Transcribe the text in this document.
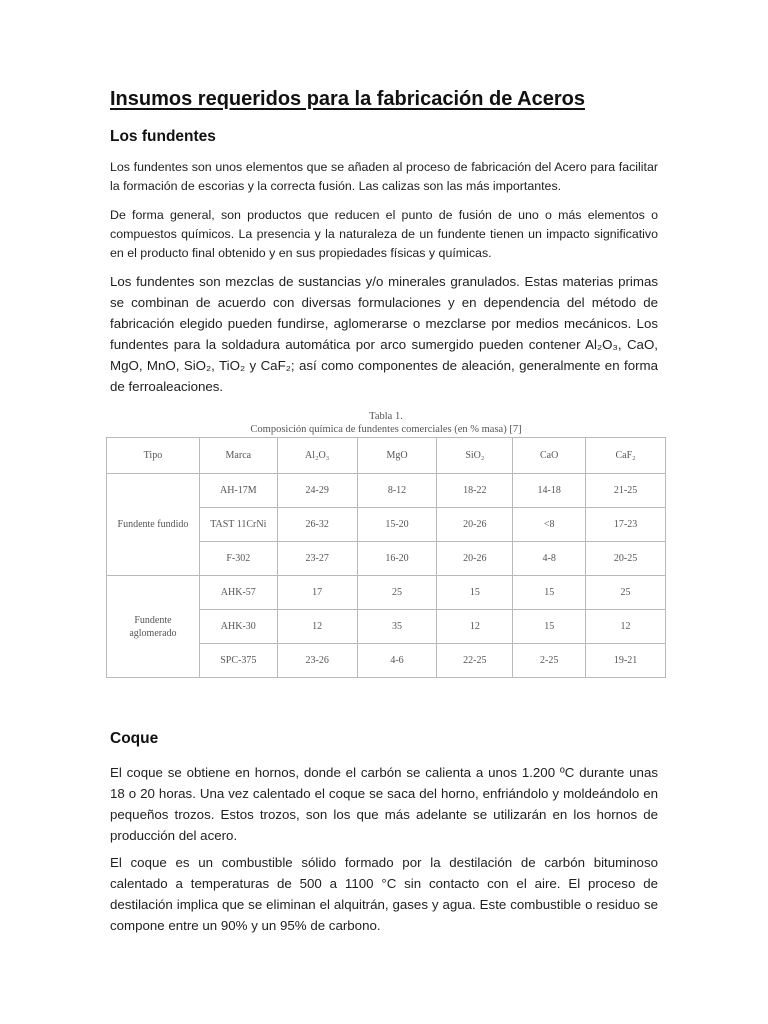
Insumos requeridos para la fabricación de Aceros
Los fundentes

Los fundentes son unos elementos que se añaden al proceso de fabricación del Acero para facilitar la formación de escorias y la correcta fusión. Las calizas son las más importantes.

De forma general, son productos que reducen el punto de fusión de uno o más elementos o compuestos químicos. La presencia y la naturaleza de un fundente tienen un impacto significativo en el producto final obtenido y en sus propiedades físicas y químicas.

Los fundentes son mezclas de sustancias y/o minerales granulados. Estas materias primas se combinan de acuerdo con diversas formulaciones y en dependencia del método de fabricación elegido pueden fundirse, aglomerarse o mezclarse por medios mecánicos. Los fundentes para la soldadura automática por arco sumergido pueden contener Al₂O₃, CaO, MgO, MnO, SiO₂, TiO₂ y CaF₂; así como componentes de aleación, generalmente en forma de ferroaleaciones.

Tabla 1.
Composición química de fundentes comerciales (en % masa) [7]
Tipo	Marca	Al₂O₃	MgO	SiO₂	CaO	CaF₂
Fundente fundido	AH-17M	24-29	8-12	18-22	14-18	21-25
	TAST 11CrNi	26-32	15-20	20-26	<8	17-23
	F-302	23-27	16-20	20-26	4-8	20-25
Fundente
aglomerado	AHK-57	17	25	15	15	25
	AHK-30	12	35	12	15	12
	SPC-375	23-26	4-6	22-25	2-25	19-21
Coque

El coque se obtiene en hornos, donde el carbón se calienta a unos 1.200 ºC durante unas 18 o 20 horas. Una vez calentado el coque se saca del horno, enfriándolo y moldeándolo en pequeños trozos. Estos trozos, son los que más adelante se utilizarán en los hornos de producción del acero.

El coque es un combustible sólido formado por la destilación de carbón bituminoso calentado a temperaturas de 500 a 1100 °C sin contacto con el aire. El proceso de destilación implica que se eliminan el alquitrán, gases y agua. Este combustible o residuo se compone entre un 90% y un 95% de carbono.
